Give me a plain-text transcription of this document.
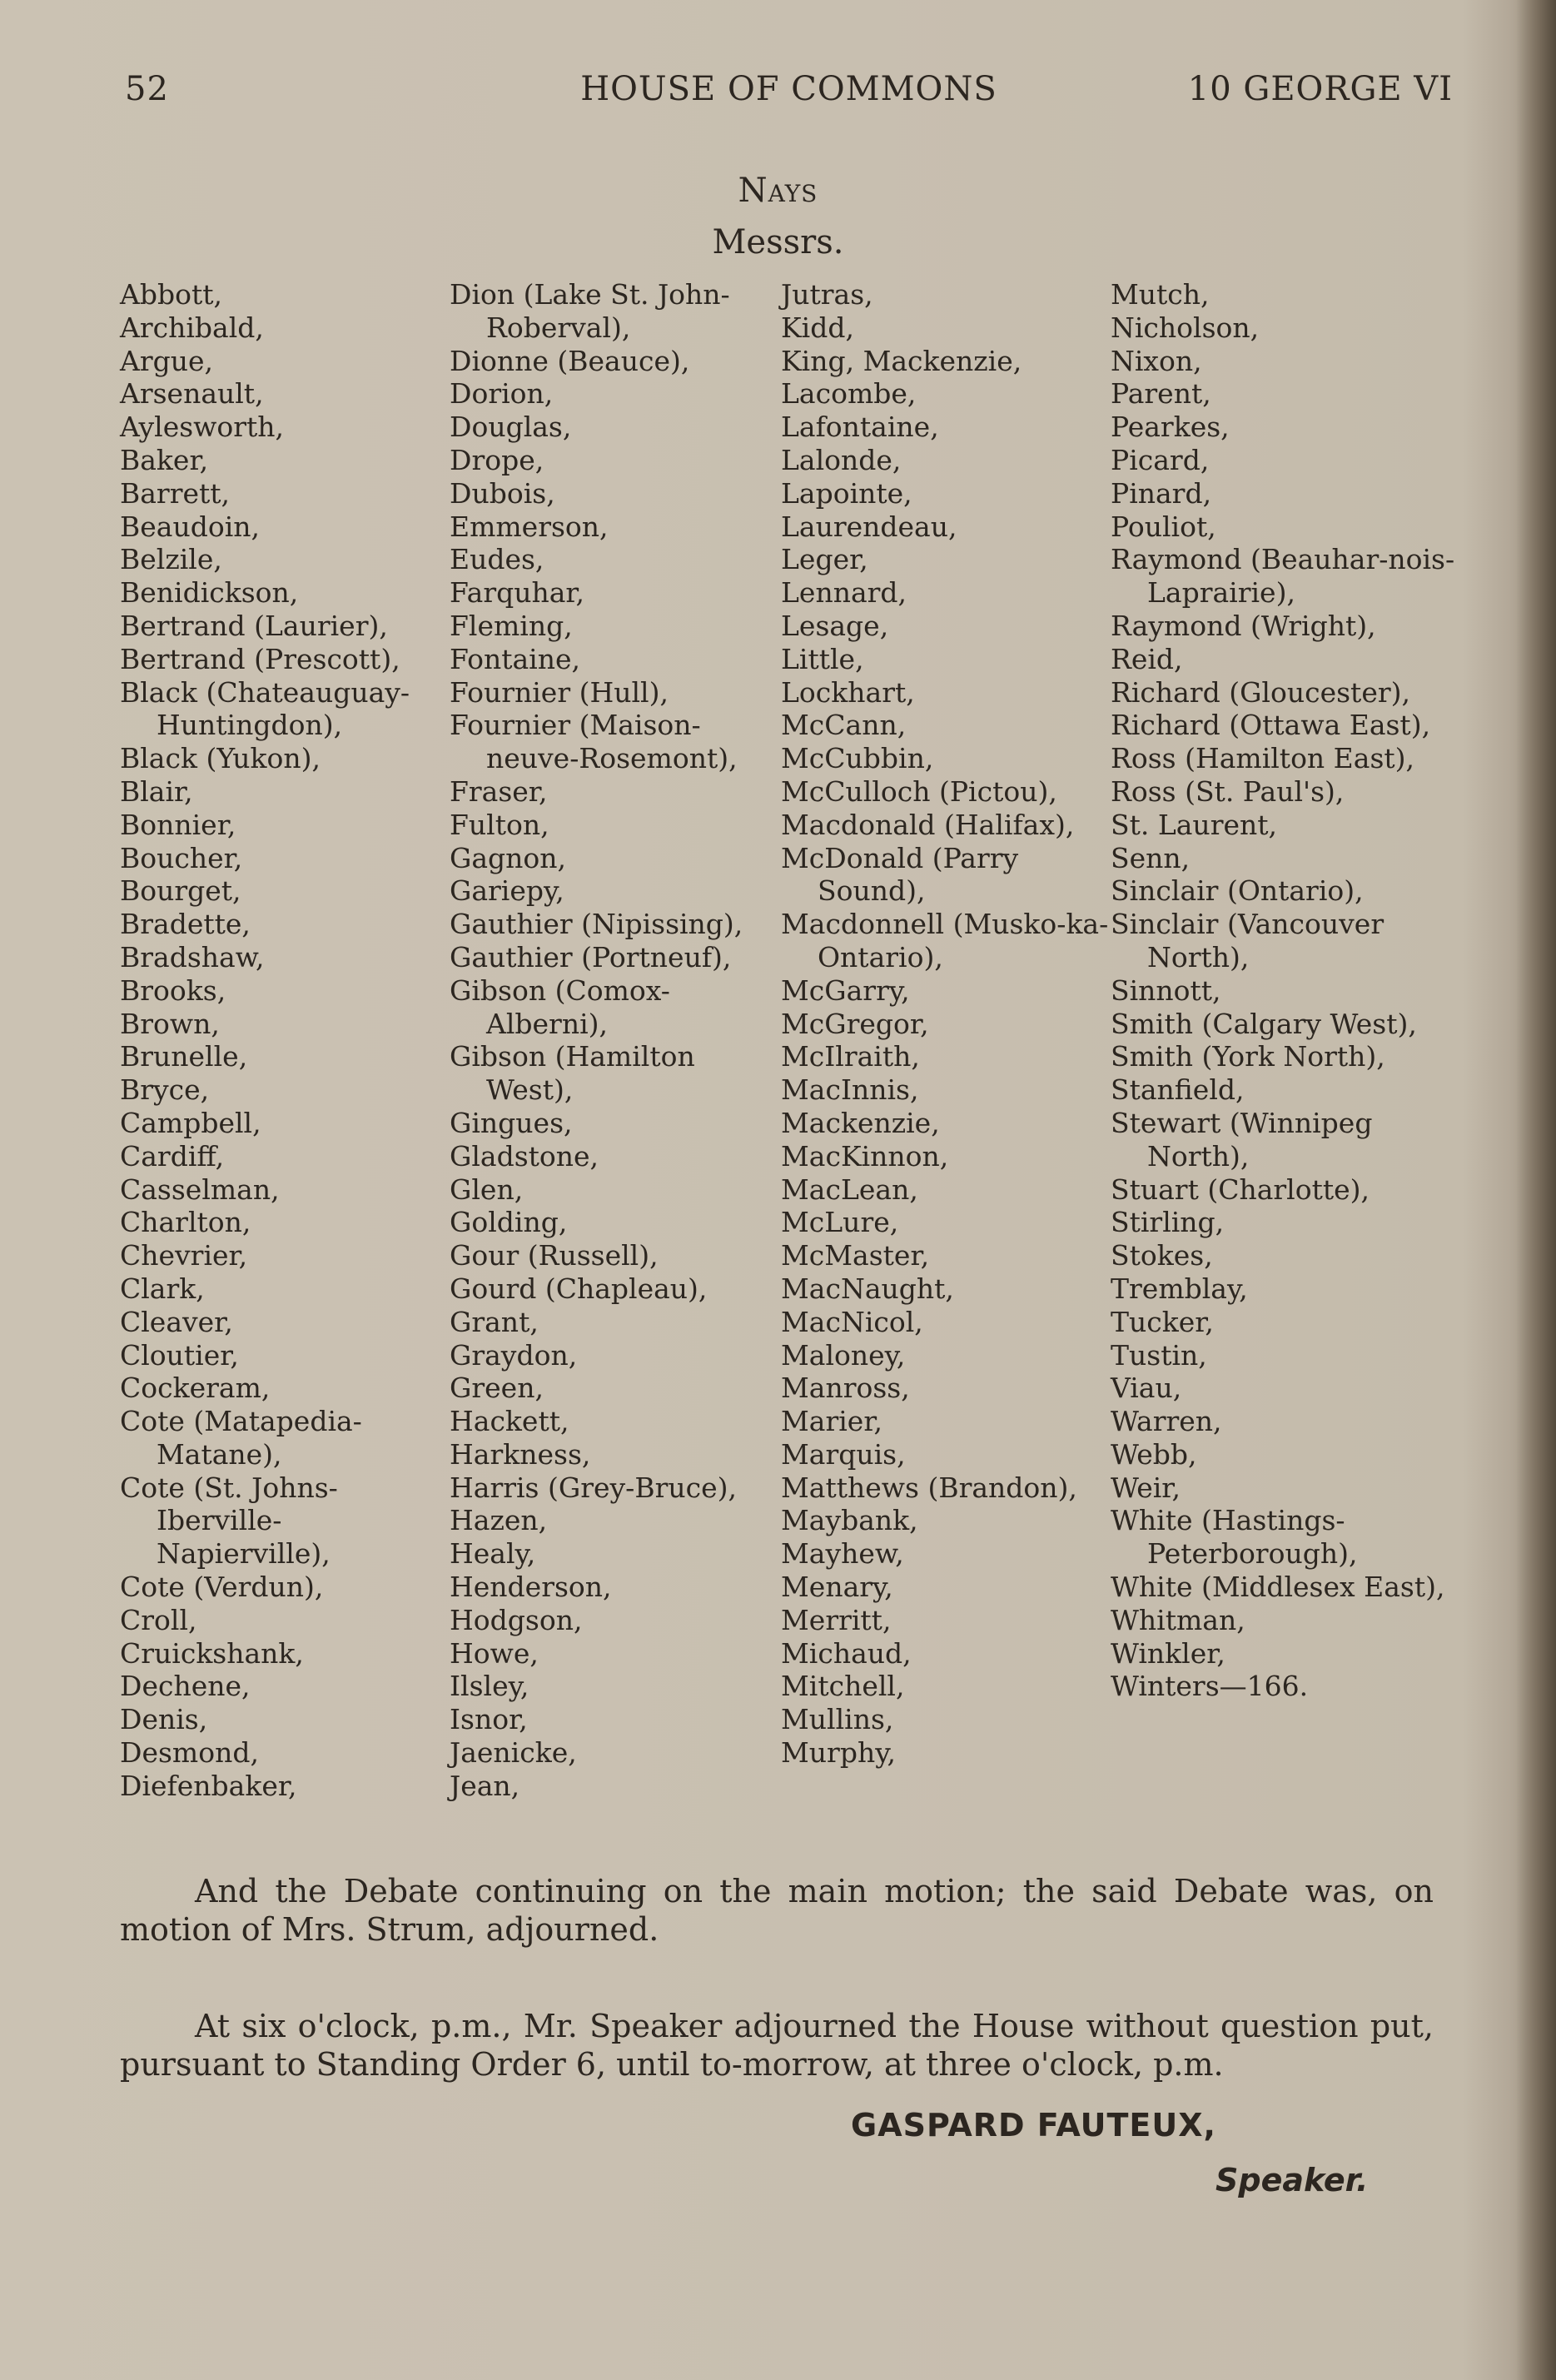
52	HOUSE OF COMMONS	10 GEORGE VI
Nays
Messrs.
Abbott,
Archibald,
Argue,
Arsenault,
Aylesworth,
Baker,
Barrett,
Beaudoin,
Belzile,
Benidickson,
Bertrand (Laurier),
Bertrand (Prescott),
Black (Chateauguay-Huntingdon),
Black (Yukon),
Blair,
Bonnier,
Boucher,
Bourget,
Bradette,
Bradshaw,
Brooks,
Brown,
Brunelle,
Bryce,
Campbell,
Cardiff,
Casselman,
Charlton,
Chevrier,
Clark,
Cleaver,
Cloutier,
Cockeram,
Cote (Matapedia-Matane),
Cote (St. Johns-Iberville-Napierville),
Cote (Verdun),
Croll,
Cruickshank,
Dechene,
Denis,
Desmond,
Diefenbaker,
Dion (Lake St. John-Roberval),
Dionne (Beauce),
Dorion,
Douglas,
Drope,
Dubois,
Emmerson,
Eudes,
Farquhar,
Fleming,
Fontaine,
Fournier (Hull),
Fournier (Maison-neuve-Rosemont),
Fraser,
Fulton,
Gagnon,
Gariepy,
Gauthier (Nipissing),
Gauthier (Portneuf),
Gibson (Comox-Alberni),
Gibson (Hamilton West),
Gingues,
Gladstone,
Glen,
Golding,
Gour (Russell),
Gourd (Chapleau),
Grant,
Graydon,
Green,
Hackett,
Harkness,
Harris (Grey-Bruce),
Hazen,
Healy,
Henderson,
Hodgson,
Howe,
Ilsley,
Isnor,
Jaenicke,
Jean,
Jutras,
Kidd,
King, Mackenzie,
Lacombe,
Lafontaine,
Lalonde,
Lapointe,
Laurendeau,
Leger,
Lennard,
Lesage,
Little,
Lockhart,
McCann,
McCubbin,
McCulloch (Pictou),
Macdonald (Halifax),
McDonald (Parry Sound),
Macdonnell (Musko-ka-Ontario),
McGarry,
McGregor,
McIlraith,
MacInnis,
Mackenzie,
MacKinnon,
MacLean,
McLure,
McMaster,
MacNaught,
MacNicol,
Maloney,
Manross,
Marier,
Marquis,
Matthews (Brandon),
Maybank,
Mayhew,
Menary,
Merritt,
Michaud,
Mitchell,
Mullins,
Murphy,
Mutch,
Nicholson,
Nixon,
Parent,
Pearkes,
Picard,
Pinard,
Pouliot,
Raymond (Beauhar-nois-Laprairie),
Raymond (Wright),
Reid,
Richard (Gloucester),
Richard (Ottawa East),
Ross (Hamilton East),
Ross (St. Paul's),
St. Laurent,
Senn,
Sinclair (Ontario),
Sinclair (Vancouver North),
Sinnott,
Smith (Calgary West),
Smith (York North),
Stanfield,
Stewart (Winnipeg North),
Stuart (Charlotte),
Stirling,
Stokes,
Tremblay,
Tucker,
Tustin,
Viau,
Warren,
Webb,
Weir,
White (Hastings-Peterborough),
White (Middlesex East),
Whitman,
Winkler,
Winters—166.

And the Debate continuing on the main motion; the said Debate was, on motion of Mrs. Strum, adjourned.

At six o'clock, p.m., Mr. Speaker adjourned the House without question put, pursuant to Standing Order 6, until to-morrow, at three o'clock, p.m.

GASPARD FAUTEUX,
Speaker.
